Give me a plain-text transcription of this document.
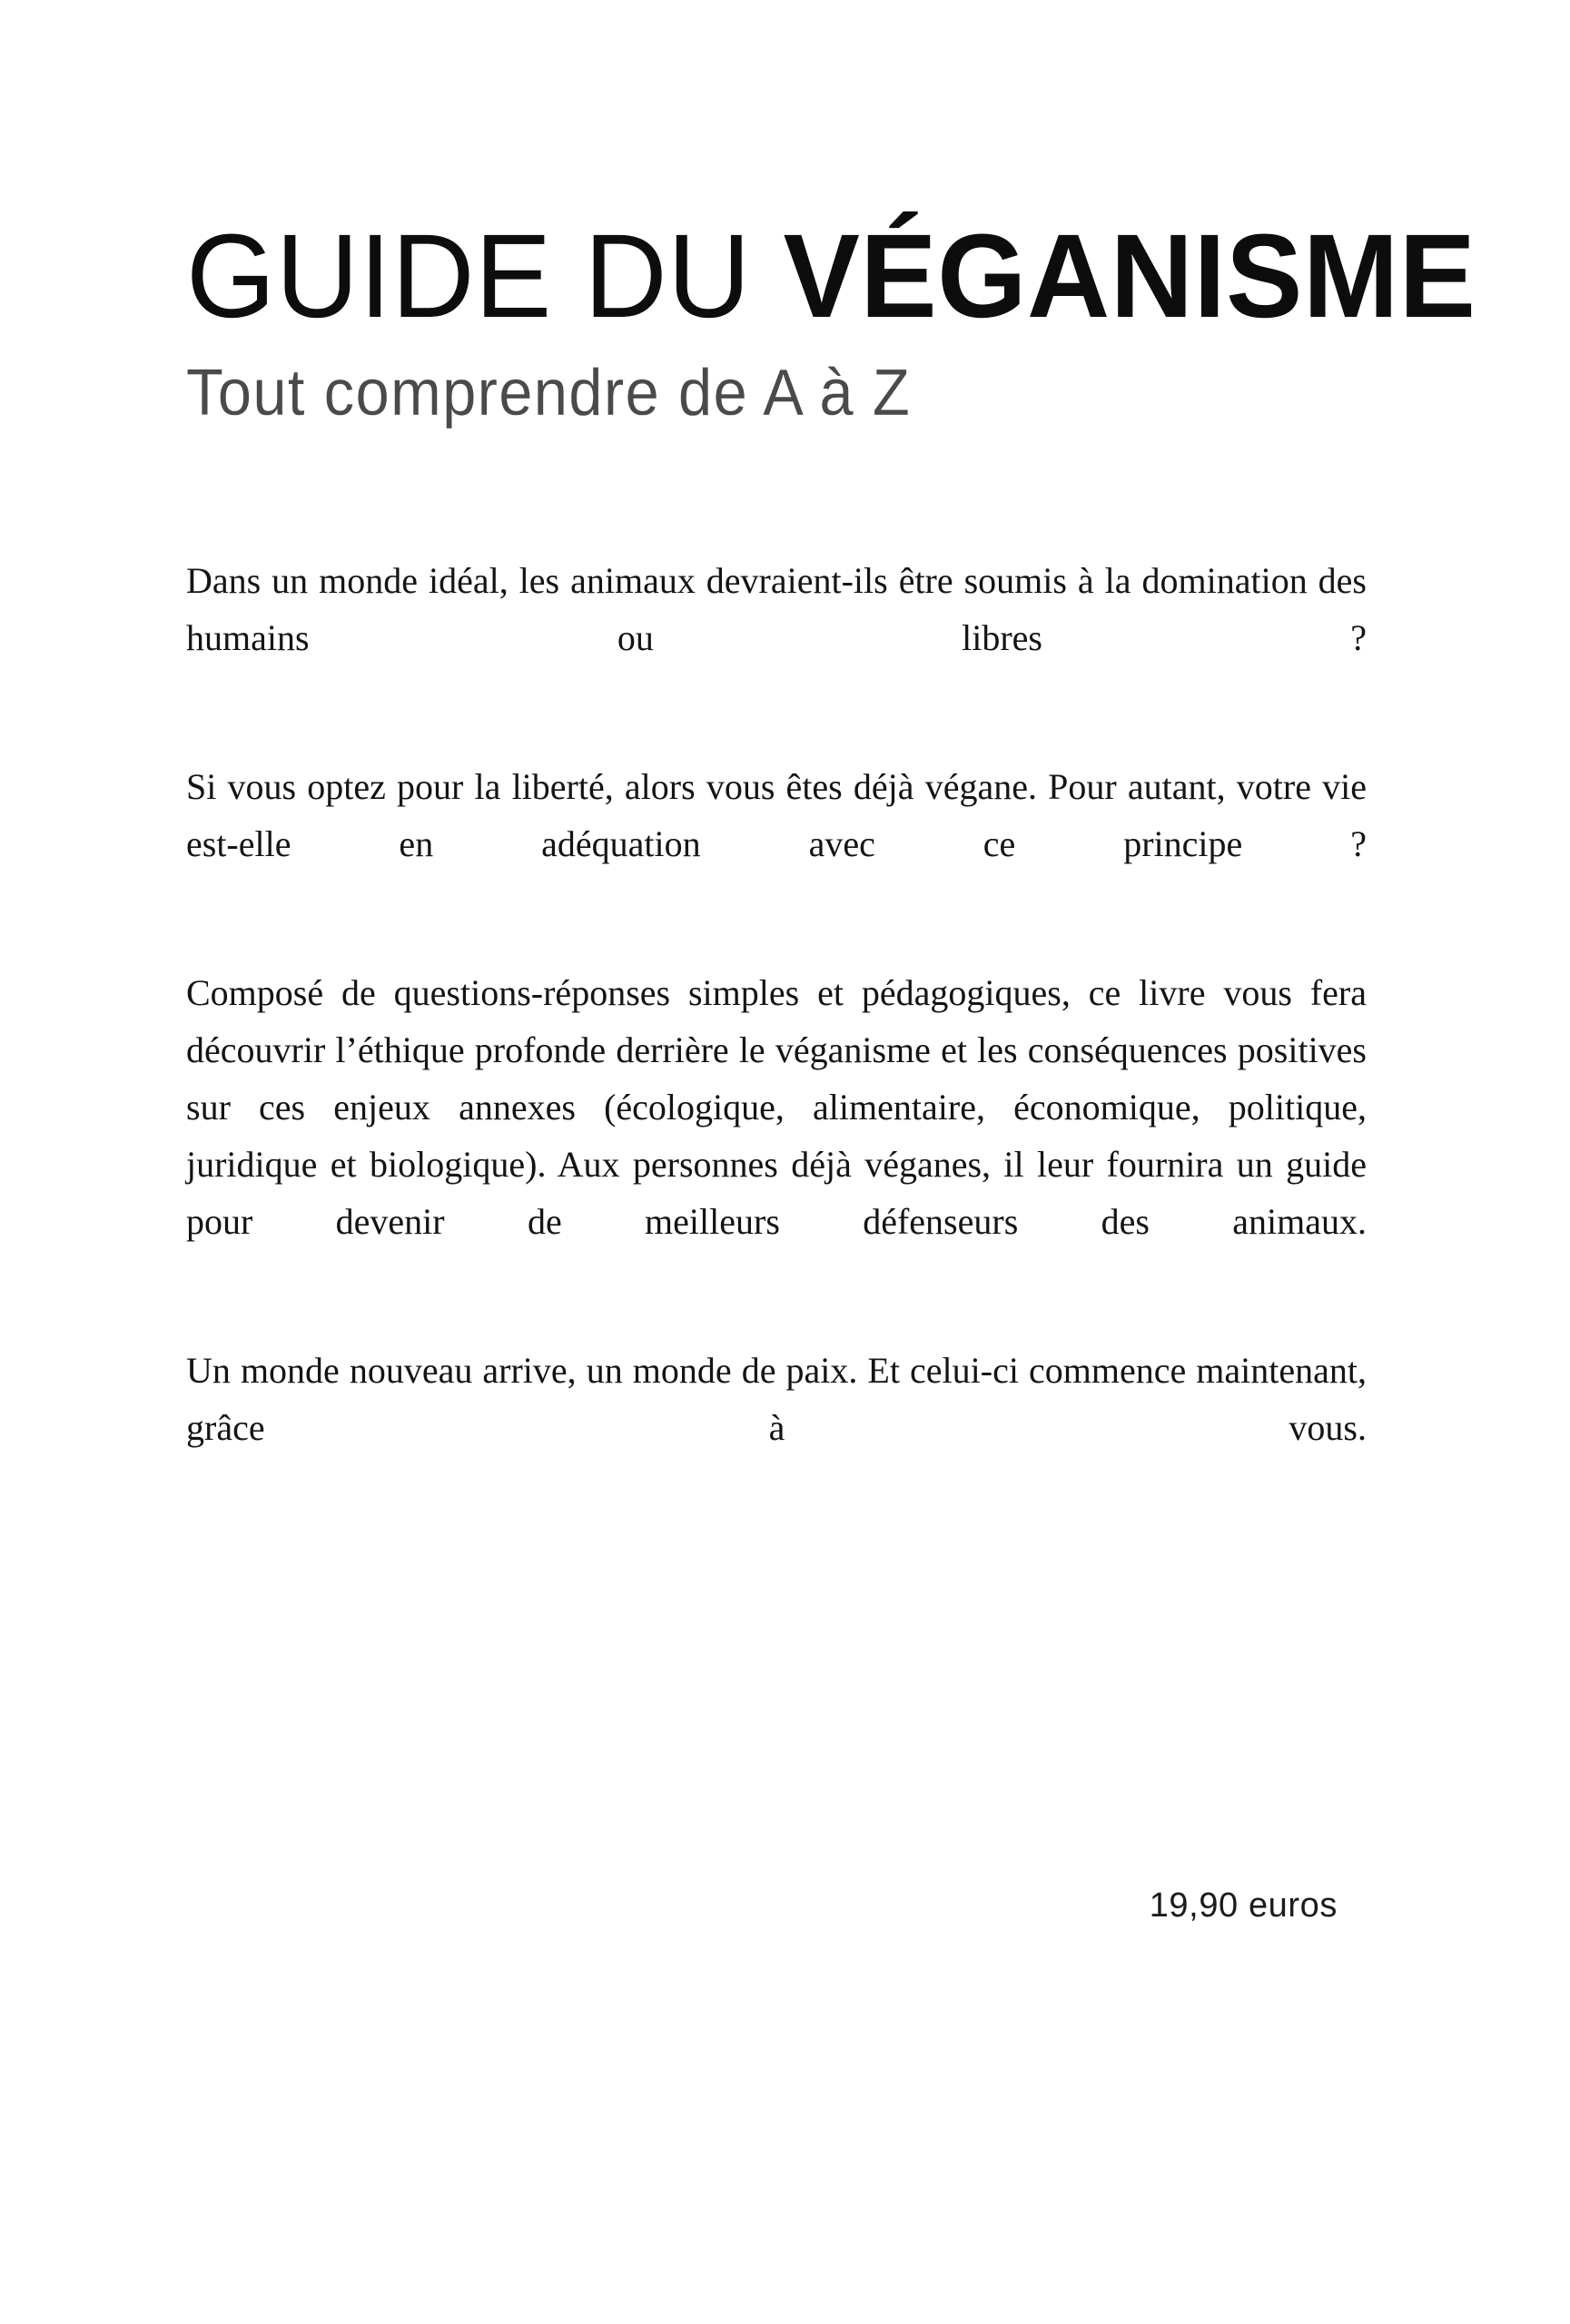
GUIDE DU VÉGANISME
Tout comprendre de A à Z

Dans un monde idéal, les animaux devraient-ils être soumis à la domination des humains ou libres ?

Si vous optez pour la liberté, alors vous êtes déjà végane. Pour autant, votre vie est-elle en adéquation avec ce principe ?

Composé de questions-réponses simples et pédagogiques, ce livre vous fera découvrir l’éthique profonde derrière le véganisme et les conséquences positives sur ces enjeux annexes (écologique, alimentaire, économique, politique, juridique et biologique). Aux personnes déjà véganes, il leur fournira un guide pour devenir de meilleurs défenseurs des animaux.

Un monde nouveau arrive, un monde de paix. Et celui-ci commence maintenant, grâce à vous.

19,90 euros
